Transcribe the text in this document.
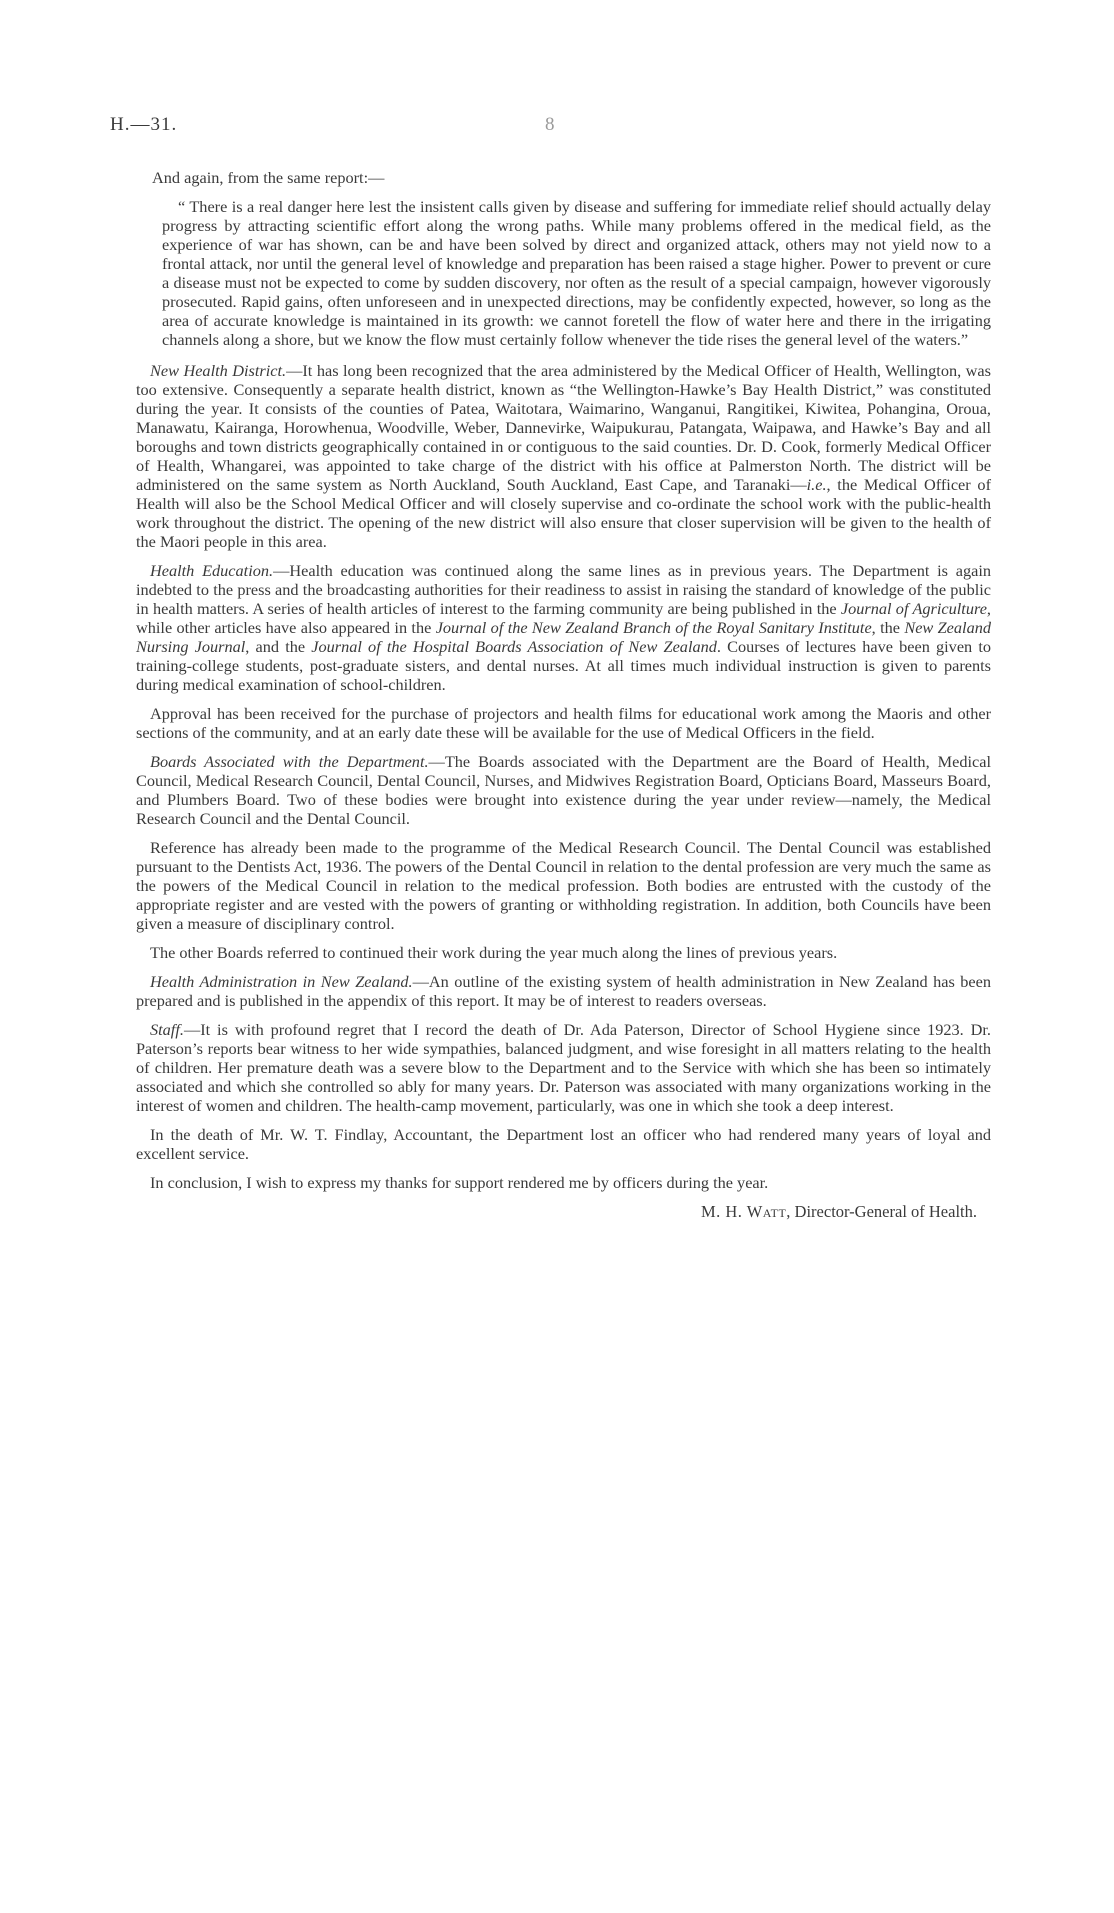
H.—31.	8

And again, from the same report:—

“ There is a real danger here lest the insistent calls given by disease and suffering for immediate relief should actually delay progress by attracting scientific effort along the wrong paths. While many problems offered in the medical field, as the experience of war has shown, can be and have been solved by direct and organized attack, others may not yield now to a frontal attack, nor until the general level of knowledge and preparation has been raised a stage higher. Power to prevent or cure a disease must not be expected to come by sudden discovery, nor often as the result of a special campaign, however vigorously prosecuted. Rapid gains, often unforeseen and in unexpected directions, may be confidently expected, however, so long as the area of accurate knowledge is maintained in its growth: we cannot foretell the flow of water here and there in the irrigating channels along a shore, but we know the flow must certainly follow whenever the tide rises the general level of the waters.”

New Health District.—It has long been recognized that the area administered by the Medical Officer of Health, Wellington, was too extensive. Consequently a separate health district, known as “the Wellington-Hawke’s Bay Health District,” was constituted during the year. It consists of the counties of Patea, Waitotara, Waimarino, Wanganui, Rangitikei, Kiwitea, Pohangina, Oroua, Manawatu, Kairanga, Horowhenua, Woodville, Weber, Dannevirke, Waipukurau, Patangata, Waipawa, and Hawke’s Bay and all boroughs and town districts geographically contained in or contiguous to the said counties. Dr. D. Cook, formerly Medical Officer of Health, Whangarei, was appointed to take charge of the district with his office at Palmerston North. The district will be administered on the same system as North Auckland, South Auckland, East Cape, and Taranaki—i.e., the Medical Officer of Health will also be the School Medical Officer and will closely supervise and co-ordinate the school work with the public-health work throughout the district. The opening of the new district will also ensure that closer supervision will be given to the health of the Maori people in this area.

Health Education.—Health education was continued along the same lines as in previous years. The Department is again indebted to the press and the broadcasting authorities for their readiness to assist in raising the standard of knowledge of the public in health matters. A series of health articles of interest to the farming community are being published in the Journal of Agriculture, while other articles have also appeared in the Journal of the New Zealand Branch of the Royal Sanitary Institute, the New Zealand Nursing Journal, and the Journal of the Hospital Boards Association of New Zealand. Courses of lectures have been given to training-college students, post-graduate sisters, and dental nurses. At all times much individual instruction is given to parents during medical examination of school-children.

Approval has been received for the purchase of projectors and health films for educational work among the Maoris and other sections of the community, and at an early date these will be available for the use of Medical Officers in the field.

Boards Associated with the Department.—The Boards associated with the Department are the Board of Health, Medical Council, Medical Research Council, Dental Council, Nurses, and Midwives Registration Board, Opticians Board, Masseurs Board, and Plumbers Board. Two of these bodies were brought into existence during the year under review—namely, the Medical Research Council and the Dental Council.

Reference has already been made to the programme of the Medical Research Council. The Dental Council was established pursuant to the Dentists Act, 1936. The powers of the Dental Council in relation to the dental profession are very much the same as the powers of the Medical Council in relation to the medical profession. Both bodies are entrusted with the custody of the appropriate register and are vested with the powers of granting or withholding registration. In addition, both Councils have been given a measure of disciplinary control.

The other Boards referred to continued their work during the year much along the lines of previous years.

Health Administration in New Zealand.—An outline of the existing system of health administration in New Zealand has been prepared and is published in the appendix of this report. It may be of interest to readers overseas.

Staff.—It is with profound regret that I record the death of Dr. Ada Paterson, Director of School Hygiene since 1923. Dr. Paterson’s reports bear witness to her wide sympathies, balanced judgment, and wise foresight in all matters relating to the health of children. Her premature death was a severe blow to the Department and to the Service with which she has been so intimately associated and which she controlled so ably for many years. Dr. Paterson was associated with many organizations working in the interest of women and children. The health-camp movement, particularly, was one in which she took a deep interest.

In the death of Mr. W. T. Findlay, Accountant, the Department lost an officer who had rendered many years of loyal and excellent service.

In conclusion, I wish to express my thanks for support rendered me by officers during the year.

M. H. Watt, Director-General of Health.
